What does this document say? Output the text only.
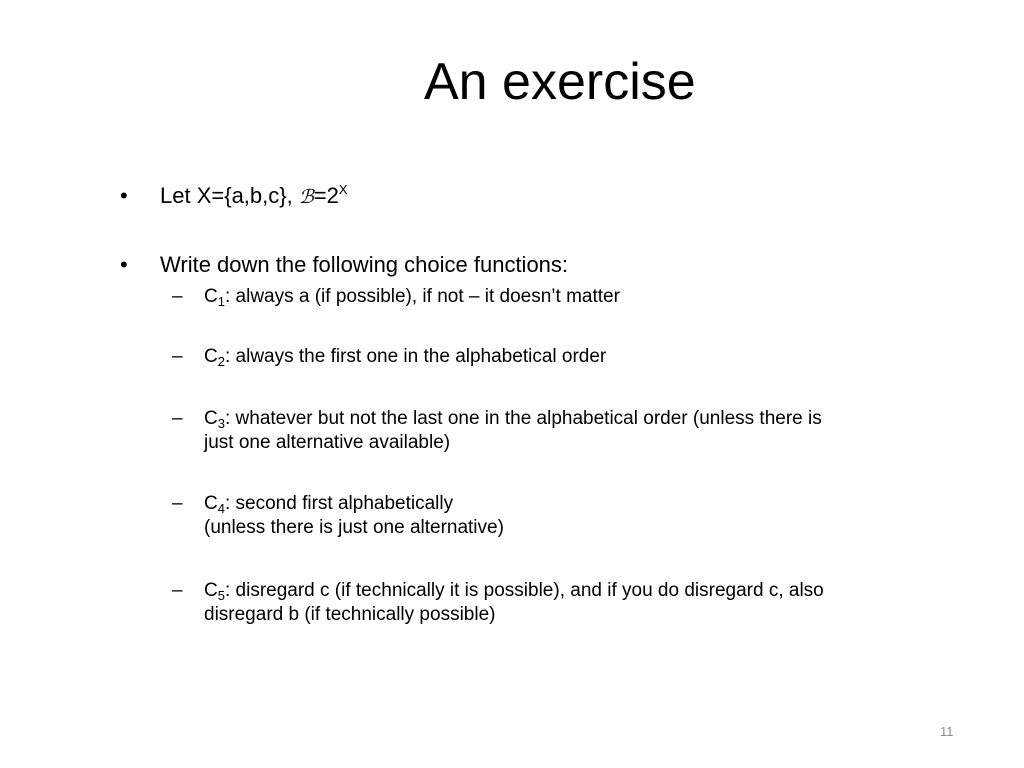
An exercise
•	Let X={a,b,c}, $ℬ=2^X$
•	Write down the following choice functions:
–	$C_1$: always a (if possible), if not – it doesn’t matter
–	$C_2$: always the first one in the alphabetical order
–	$C_3$: whatever but not the last one in the alphabetical order (unless there is
just one alternative available)
–	$C_4$: second first alphabetically
(unless there is just one alternative)
–	$C_5$: disregard c (if technically it is possible), and if you do disregard c, also
disregard b (if technically possible)
11
